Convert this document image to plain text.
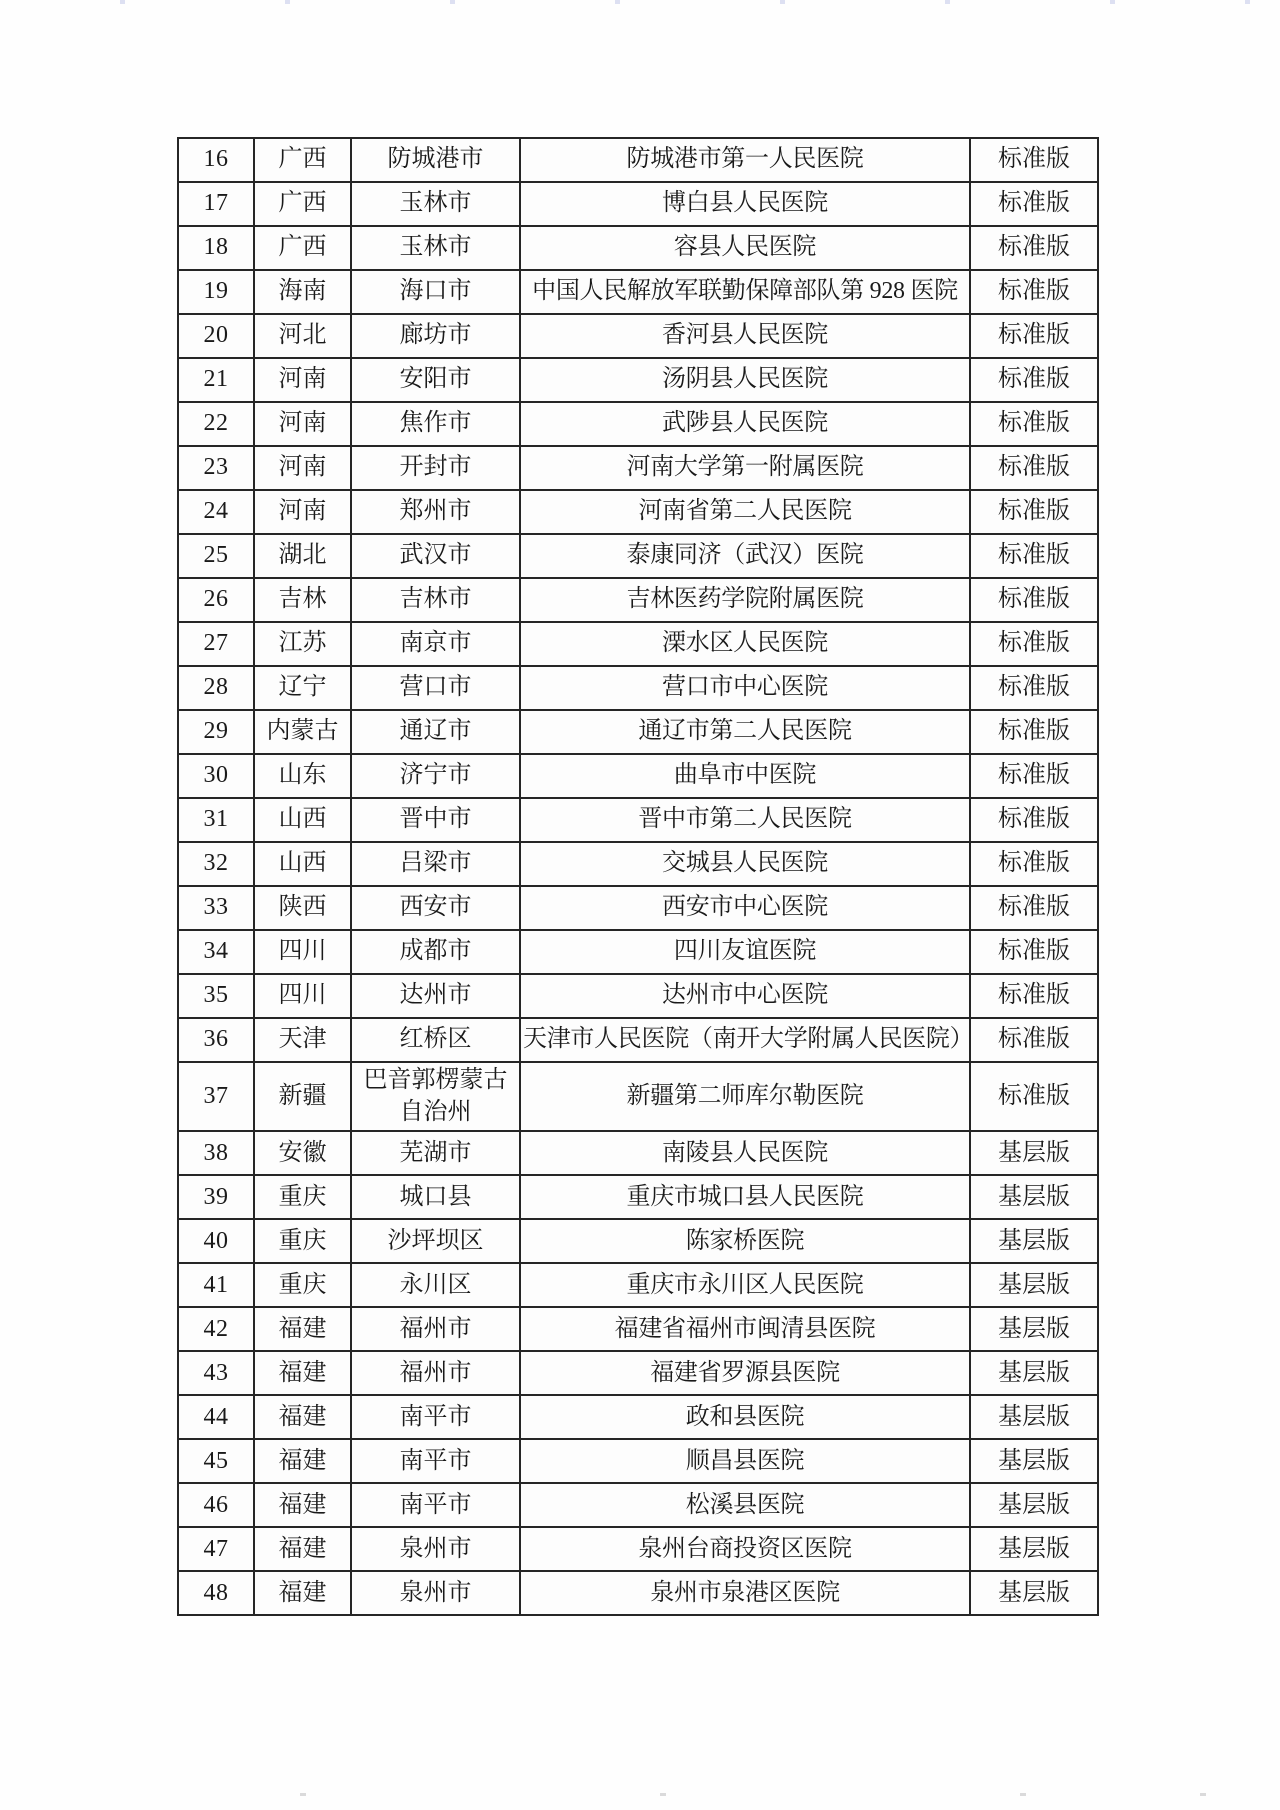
16	广西	防城港市	防城港市第一人民医院	标准版
17	广西	玉林市	博白县人民医院	标准版
18	广西	玉林市	容县人民医院	标准版
19	海南	海口市	中国人民解放军联勤保障部队第 928 医院	标准版
20	河北	廊坊市	香河县人民医院	标准版
21	河南	安阳市	汤阴县人民医院	标准版
22	河南	焦作市	武陟县人民医院	标准版
23	河南	开封市	河南大学第一附属医院	标准版
24	河南	郑州市	河南省第二人民医院	标准版
25	湖北	武汉市	泰康同济（武汉）医院	标准版
26	吉林	吉林市	吉林医药学院附属医院	标准版
27	江苏	南京市	溧水区人民医院	标准版
28	辽宁	营口市	营口市中心医院	标准版
29	内蒙古	通辽市	通辽市第二人民医院	标准版
30	山东	济宁市	曲阜市中医院	标准版
31	山西	晋中市	晋中市第二人民医院	标准版
32	山西	吕梁市	交城县人民医院	标准版
33	陕西	西安市	西安市中心医院	标准版
34	四川	成都市	四川友谊医院	标准版
35	四川	达州市	达州市中心医院	标准版
36	天津	红桥区	天津市人民医院（南开大学附属人民医院）	标准版
37	新疆	巴音郭楞蒙古自治州	新疆第二师库尔勒医院	标准版
38	安徽	芜湖市	南陵县人民医院	基层版
39	重庆	城口县	重庆市城口县人民医院	基层版
40	重庆	沙坪坝区	陈家桥医院	基层版
41	重庆	永川区	重庆市永川区人民医院	基层版
42	福建	福州市	福建省福州市闽清县医院	基层版
43	福建	福州市	福建省罗源县医院	基层版
44	福建	南平市	政和县医院	基层版
45	福建	南平市	顺昌县医院	基层版
46	福建	南平市	松溪县医院	基层版
47	福建	泉州市	泉州台商投资区医院	基层版
48	福建	泉州市	泉州市泉港区医院	基层版
